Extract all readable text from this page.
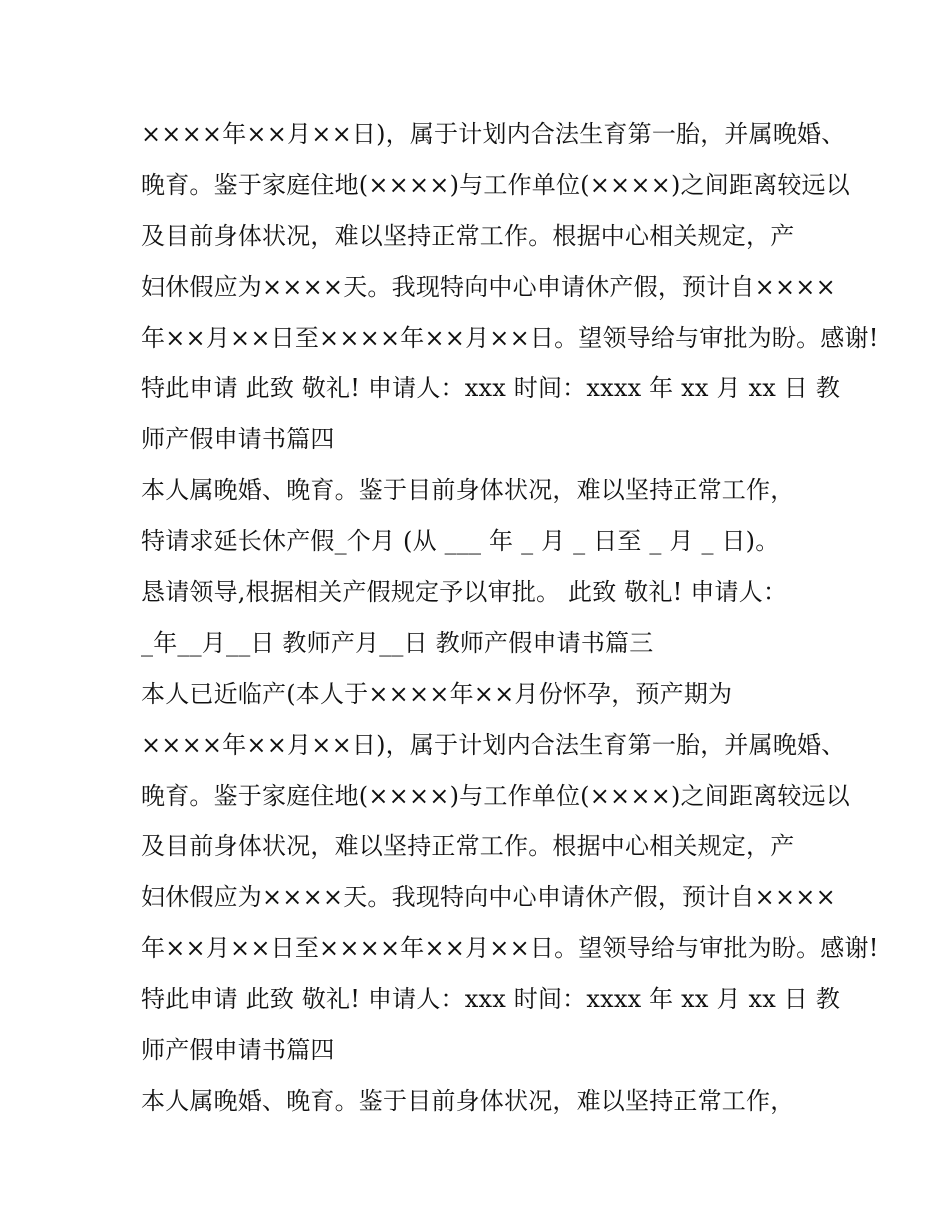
××××年××月××日)，属于计划内合法生育第一胎，并属晚婚、
晚育。鉴于家庭住地(××××)与工作单位(××××)之间距离较远以
及目前身体状况，难以坚持正常工作。根据中心相关规定，产
妇休假应为××××天。我现特向中心申请休产假，预计自××××
年××月××日至××××年××月××日。望领导给与审批为盼。感谢!
特此申请 此致 敬礼! 申请人：xxx 时间：xxxx 年 xx 月 xx 日 教
师产假申请书篇四
本人属晚婚、晚育。鉴于目前身体状况，难以坚持正常工作，
特请求延长休产假_个月 (从 ___ 年 _ 月 _ 日至 _ 月 _ 日)。
恳请领导,根据相关产假规定予以审批。 此致 敬礼! 申请人：
_年__月__日 教师产月__日 教师产假申请书篇三
本人已近临产(本人于××××年××月份怀孕，预产期为
××××年××月××日)，属于计划内合法生育第一胎，并属晚婚、
晚育。鉴于家庭住地(××××)与工作单位(××××)之间距离较远以
及目前身体状况，难以坚持正常工作。根据中心相关规定，产
妇休假应为××××天。我现特向中心申请休产假，预计自××××
年××月××日至××××年××月××日。望领导给与审批为盼。感谢!
特此申请 此致 敬礼! 申请人：xxx 时间：xxxx 年 xx 月 xx 日 教
师产假申请书篇四
本人属晚婚、晚育。鉴于目前身体状况，难以坚持正常工作，
